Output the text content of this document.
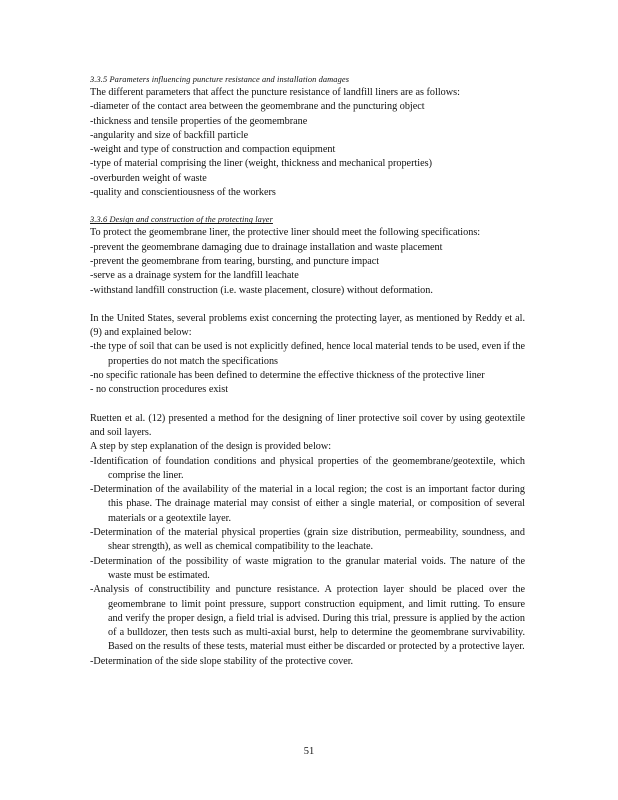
3.3.5 Parameters influencing puncture resistance and installation damages
The different parameters that affect the puncture resistance of landfill liners are as follows:
-diameter of the contact area between the geomembrane and the puncturing object
-thickness and tensile properties of the geomembrane
-angularity and size of backfill particle
-weight and type of construction and compaction equipment
-type of material comprising the liner (weight, thickness and mechanical properties)
-overburden weight of waste
-quality and conscientiousness of the workers
3.3.6 Design and construction of the protecting layer
To protect the geomembrane liner, the protective liner should meet the following specifications:
-prevent the geomembrane damaging due to drainage installation and waste placement
-prevent the geomembrane from tearing, bursting, and puncture impact
-serve as a drainage system for the landfill leachate
-withstand landfill construction (i.e. waste placement, closure) without deformation.
In the United States, several problems exist concerning the protecting layer, as mentioned by Reddy et al. (9) and explained below:
-the type of soil that can be used is not explicitly defined, hence local material tends to be used, even if the properties do not match the specifications
-no specific rationale has been defined to determine the effective thickness of the protective liner
- no construction procedures exist
Ruetten et al. (12) presented a method for the designing of liner protective soil cover by using geotextile and soil layers.
A step by step explanation of the design is provided below:
-Identification of foundation conditions and physical properties of the geomembrane/geotextile, which comprise the liner.
-Determination of the availability of the material in a local region; the cost is an important factor during this phase. The drainage material may consist of either a single material, or composition of several materials or a geotextile layer.
-Determination of the material physical properties (grain size distribution, permeability, soundness, and shear strength), as well as chemical compatibility to the leachate.
-Determination of the possibility of waste migration to the granular material voids. The nature of the waste must be estimated.
-Analysis of constructibility and puncture resistance. A protection layer should be placed over the geomembrane to limit point pressure, support construction equipment, and limit rutting. To ensure and verify the proper design, a field trial is advised. During this trial, pressure is applied by the action of a bulldozer, then tests such as multi-axial burst, help to determine the geomembrane survivability. Based on the results of these tests, material must either be discarded or protected by a protective layer.
-Determination of the side slope stability of the protective cover.
51
